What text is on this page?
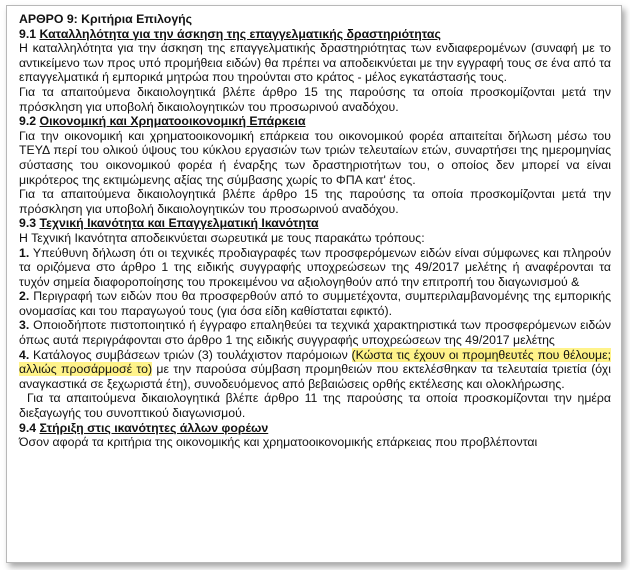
ΑΡΘΡΟ 9: Κριτήρια Επιλογής

9.1 Καταλληλότητα για την άσκηση της επαγγελματικής δραστηριότητας

Η καταλληλότητα για την άσκηση της επαγγελματικής δραστηριότητας των ενδιαφερομένων (συναφή με το αντικείμενο των προς υπό προμήθεια ειδών) θα πρέπει να αποδεικνύεται με την εγγραφή τους σε ένα από τα επαγγελματικά ή εμπορικά μητρώα που τηρούνται στο κράτος - μέλος εγκατάστασής τους.

Για τα απαιτούμενα δικαιολογητικά βλέπε άρθρο 15 της παρούσης τα οποία προσκομίζονται μετά την πρόσκληση για υποβολή δικαιολογητικών του προσωρινού αναδόχου.

9.2 Οικονομική και Χρηματοοικονομική Επάρκεια

Για την οικονομική και χρηματοοικονομική επάρκεια του οικονομικού φορέα απαιτείται δήλωση μέσω του ΤΕΥΔ περί του ολικού ύψους του κύκλου εργασιών των τριών τελευταίων ετών, συναρτήσει της ημερομηνίας σύστασης του οικονομικού φορέα ή έναρξης των δραστηριοτήτων του, ο οποίος δεν μπορεί να είναι μικρότερος της εκτιμώμενης αξίας της σύμβασης χωρίς το ΦΠΑ κατ' έτος.

Για τα απαιτούμενα δικαιολογητικά βλέπε άρθρο 15 της παρούσης τα οποία προσκομίζονται μετά την πρόσκληση για υποβολή δικαιολογητικών του προσωρινού αναδόχου.

9.3 Τεχνική Ικανότητα και Επαγγελματική Ικανότητα

Η Τεχνική Ικανότητα αποδεικνύεται σωρευτικά με τους παρακάτω τρόπους:

1. Υπεύθυνη δήλωση ότι οι τεχνικές προδιαγραφές των προσφερόμενων ειδών είναι σύμφωνες και πληρούν τα οριζόμενα στο άρθρο 1 της ειδικής συγγραφής υποχρεώσεων της 49/2017 μελέτης ή αναφέρονται τα τυχόν σημεία διαφοροποίησης του προκειμένου να αξιολογηθούν από την επιτροπή του διαγωνισμού &

2. Περιγραφή των ειδών που θα προσφερθούν από το συμμετέχοντα, συμπεριλαμβανομένης της εμπορικής ονομασίας και του παραγωγού τους (για όσα είδη καθίσταται εφικτό).

3. Οποιοδήποτε πιστοποιητικό ή έγγραφο επαληθεύει τα τεχνικά χαρακτηριστικά των προσφερόμενων ειδών όπως αυτά περιγράφονται στο άρθρο 1 της ειδικής συγγραφής υποχρεώσεων της 49/2017 μελέτης

4. Κατάλογος συμβάσεων τριών (3) τουλάχιστον παρόμοιων (Κώστα τις έχουν οι προμηθευτές που θέλουμε; αλλιώς προσάρμοσέ το) με την παρούσα σύμβαση προμηθειών που εκτελέσθηκαν τα τελευταία τριετία (όχι αναγκαστικά σε ξεχωριστά έτη), συνοδευόμενος από βεβαιώσεις ορθής εκτέλεσης και ολοκλήρωσης.

Για τα απαιτούμενα δικαιολογητικά βλέπε άρθρο 11 της παρούσης τα οποία προσκομίζονται την ημέρα διεξαγωγής του συνοπτικού διαγωνισμού.

9.4 Στήριξη στις ικανότητες άλλων φορέων

Όσον αφορά τα κριτήρια της οικονομικής και χρηματοοικονομικής επάρκειας που προβλέπονται
